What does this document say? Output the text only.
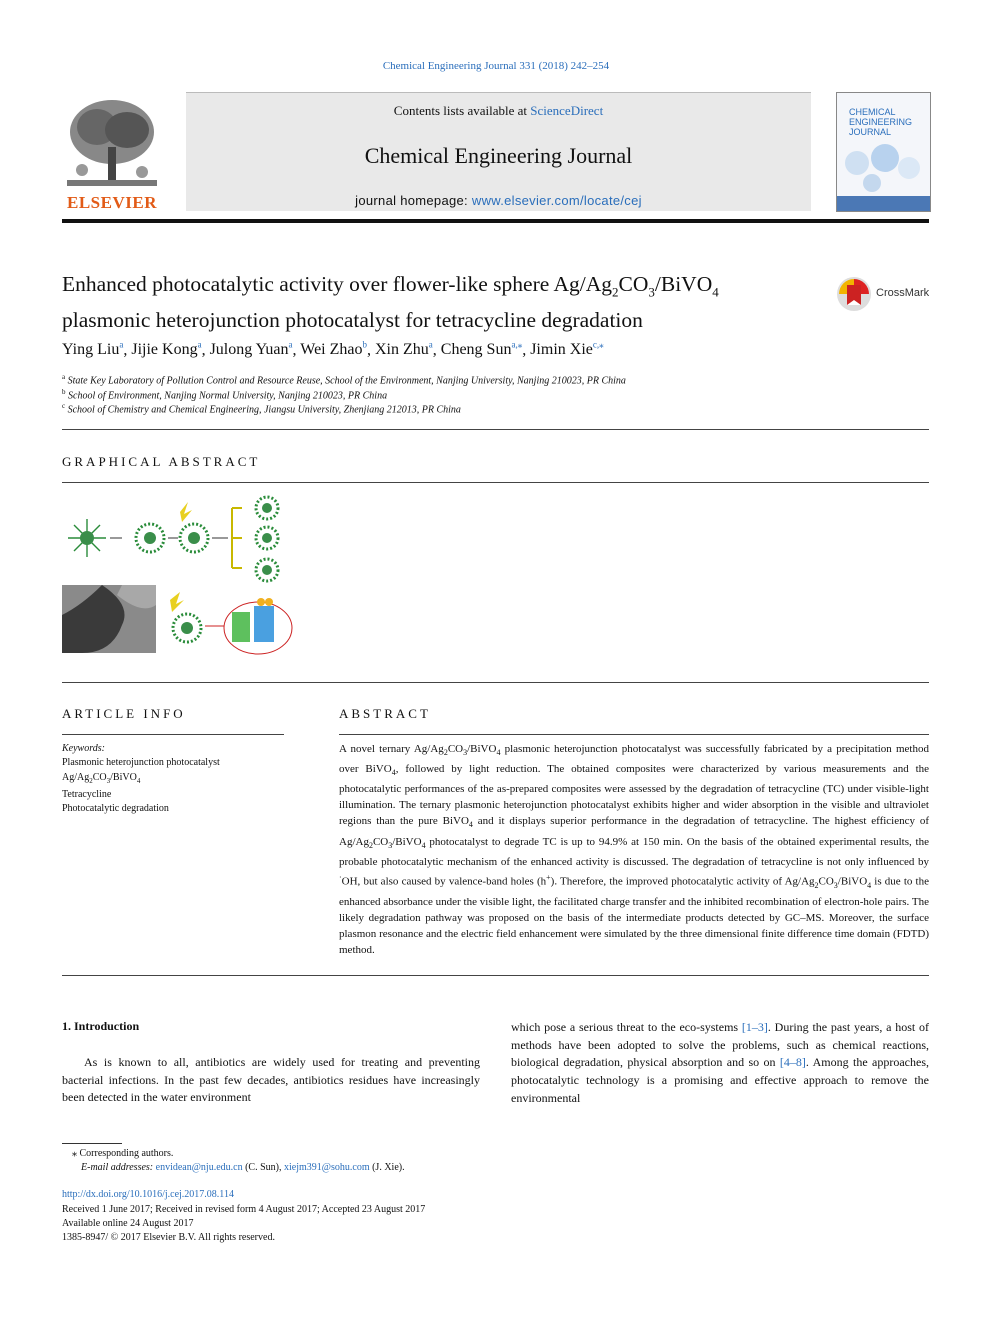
Chemical Engineering Journal 331 (2018) 242–254
ELSEVIER
Contents lists available at ScienceDirect
Chemical Engineering Journal
journal homepage: www.elsevier.com/locate/cej
CHEMICAL
ENGINEERING
JOURNAL
Enhanced photocatalytic activity over flower-like sphere $Ag/Ag_2CO_3/BiVO_4$
plasmonic heterojunction photocatalyst for tetracycline degradation
CrossMark
Ying Liu$^a$, Jijie Kong$^a$, Julong Yuan$^a$, Wei Zhao$^b$, Xin Zhu$^a$, Cheng Sun$^{a,⁎}$, Jimin Xie$^{c,⁎}$
$^a$ State Key Laboratory of Pollution Control and Resource Reuse, School of the Environment, Nanjing University, Nanjing 210023, PR China
$^b$ School of Environment, Nanjing Normal University, Nanjing 210023, PR China
$^c$ School of Chemistry and Chemical Engineering, Jiangsu University, Zhenjiang 212013, PR China
GRAPHICAL ABSTRACT
ARTICLE INFO
Keywords:
Plasmonic heterojunction photocatalyst
$Ag/Ag_2CO_3/BiVO_4$
Tetracycline
Photocatalytic degradation
ABSTRACT
A novel ternary $Ag/Ag_2CO_3/BiVO_4$ plasmonic heterojunction photocatalyst was successfully fabricated by a precipitation method over BiVO$_4$, followed by light reduction. The obtained composites were characterized by various measurements and the photocatalytic performances of the as-prepared composites were assessed by the degradation of tetracycline (TC) under visible-light illumination. The ternary plasmonic heterojunction photocatalyst exhibits higher and wider absorption in the visible and ultraviolet regions than the pure BiVO$_4$ and it displays superior performance in the degradation of tetracycline. The highest efficiency of $Ag/Ag_2CO_3/BiVO_4$ photocatalyst to degrade TC is up to 94.9% at 150 min. On the basis of the obtained experimental results, the probable photocatalytic mechanism of the enhanced activity is discussed. The degradation of tetracycline is not only influenced by ·OH, but also caused by valence-band holes (h+). Therefore, the improved photocatalytic activity of $Ag/Ag_2CO_3/BiVO_4$ is due to the enhanced absorbance under the visible light, the facilitated charge transfer and the inhibited recombination of electron-hole pairs. The likely degradation pathway was proposed on the basis of the intermediate products detected by GC–MS. Moreover, the surface plasmon resonance and the electric field enhancement were simulated by the three dimensional finite difference time domain (FDTD) method.
1. Introduction
As is known to all, antibiotics are widely used for treating and preventing bacterial infections. In the past few decades, antibiotics residues have increasingly been detected in the water environment
which pose a serious threat to the eco-systems [1–3]. During the past years, a host of methods have been adopted to solve the problems, such as chemical reactions, biological degradation, physical absorption and so on [4–8]. Among the approaches, photocatalytic technology is a promising and effective approach to remove the environmental
⁎ Corresponding authors.
E-mail addresses: envidean@nju.edu.cn (C. Sun), xiejm391@sohu.com (J. Xie).
http://dx.doi.org/10.1016/j.cej.2017.08.114
Received 1 June 2017; Received in revised form 4 August 2017; Accepted 23 August 2017
Available online 24 August 2017
1385-8947/ © 2017 Elsevier B.V. All rights reserved.
